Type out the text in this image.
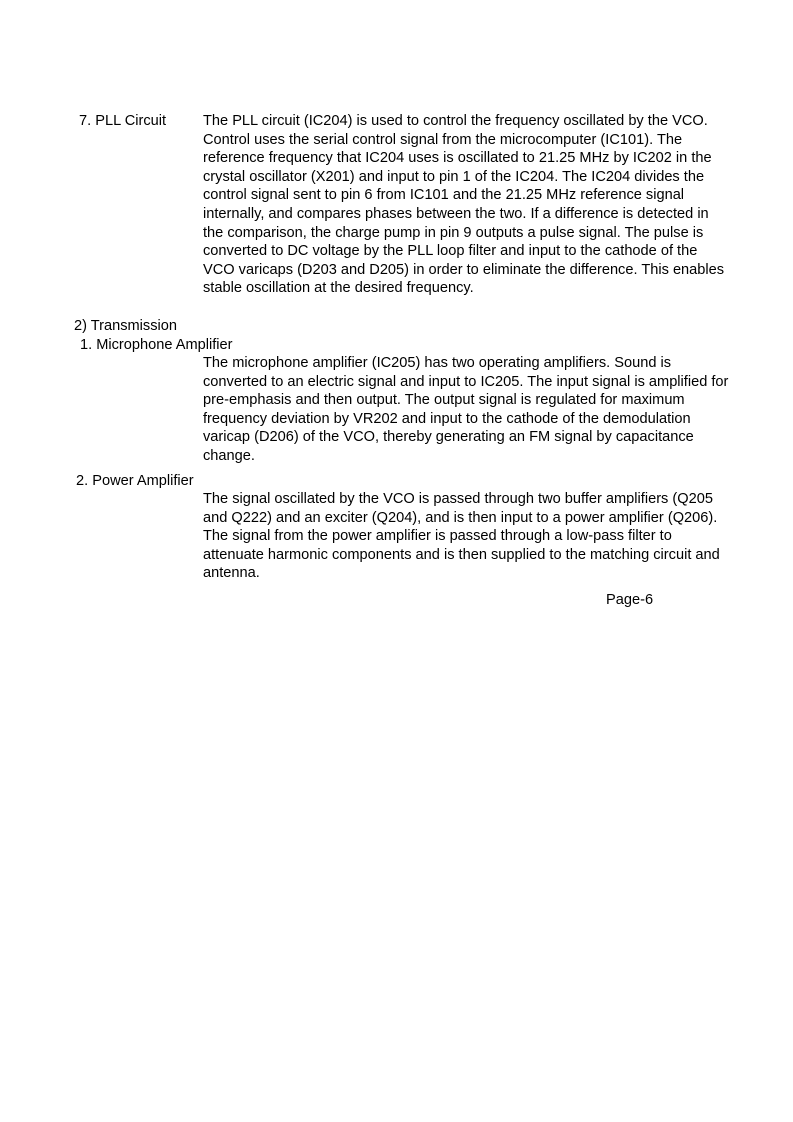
7. PLL Circuit	The PLL circuit (IC204) is used to control the frequency oscillated by the VCO. Control uses the serial control signal from the microcomputer (IC101). The reference frequency that IC204 uses is oscillated to 21.25 MHz by IC202 in the crystal oscillator (X201) and input to pin 1 of the IC204. The IC204 divides the control signal sent to pin 6 from IC101 and the 21.25 MHz reference signal internally, and compares phases between the two. If a difference is detected in the comparison, the charge pump in pin 9 outputs a pulse signal. The pulse is converted to DC voltage by the PLL loop filter and input to the cathode of the VCO varicaps (D203 and D205) in order to eliminate the difference. This enables stable oscillation at the desired frequency.
2) Transmission
1. Microphone Amplifier
The microphone amplifier (IC205) has two operating amplifiers. Sound is converted to an electric signal and input to IC205. The input signal is amplified for pre-emphasis and then output. The output signal is regulated for maximum frequency deviation by VR202 and input to the cathode of the demodulation varicap (D206) of the VCO, thereby generating an FM signal by capacitance change.
2. Power Amplifier
The signal oscillated by the VCO is passed through two buffer amplifiers (Q205 and Q222) and an exciter (Q204), and is then input to a power amplifier (Q206). The signal from the power amplifier is passed through a low-pass filter to attenuate harmonic components and is then supplied to the matching circuit and antenna.
Page-6
